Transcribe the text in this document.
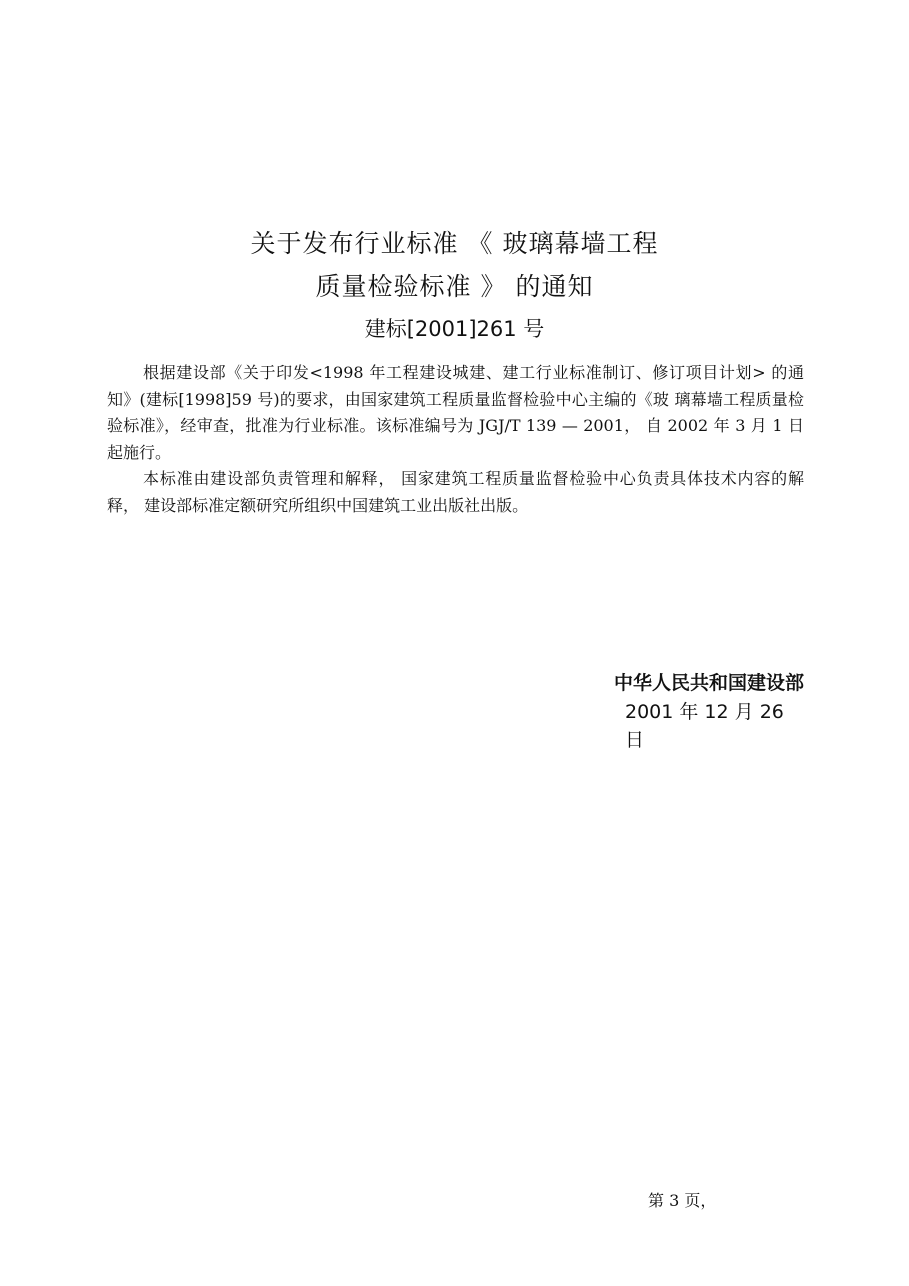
关于发布行业标准 《 玻璃幕墙工程
质量检验标准 》 的通知
建标[2001]261 号

根据建设部《关于印发<1998 年工程建设城建、建工行业标准制订、修订项目计划> 的通知》(建标[1998]59 号)的要求，由国家建筑工程质量监督检验中心主编的《玻 璃幕墙工程质量检验标准》，经审查，批准为行业标准。该标准编号为 JGJ/T 139 — 2001， 自 2002 年 3 月 1 日起施行。

本标准由建设部负责管理和解释， 国家建筑工程质量监督检验中心负责具体技术内容的解释， 建设部标准定额研究所组织中国建筑工业出版社出版。

中华人民共和国建设部
2001 年 12 月 26
日
第 3 页，
